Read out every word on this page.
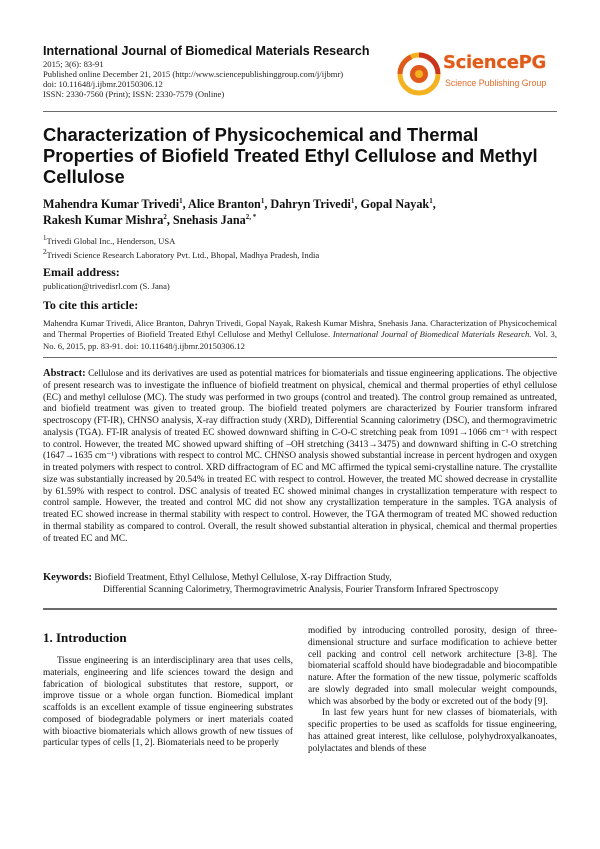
International Journal of Biomedical Materials Research
2015; 3(6): 83-91
Published online December 21, 2015 (http://www.sciencepublishinggroup.com/j/ijbmr)
doi: 10.11648/j.ijbmr.20150306.12
ISSN: 2330-7560 (Print); ISSN: 2330-7579 (Online)
SciencePG
Science Publishing Group
Characterization of Physicochemical and Thermal Properties of Biofield Treated Ethyl Cellulose and Methyl Cellulose
Mahendra Kumar Trivedi$^1$, Alice Branton$^1$, Dahryn Trivedi$^1$, Gopal Nayak$^1$,
Rakesh Kumar Mishra$^2$, Snehasis Jana$^{2, *}$
$^1$Trivedi Global Inc., Henderson, USA
$^2$Trivedi Science Research Laboratory Pvt. Ltd., Bhopal, Madhya Pradesh, India
Email address:
publication@trivedisrl.com (S. Jana)
To cite this article:
Mahendra Kumar Trivedi, Alice Branton, Dahryn Trivedi, Gopal Nayak, Rakesh Kumar Mishra, Snehasis Jana. Characterization of Physicochemical and Thermal Properties of Biofield Treated Ethyl Cellulose and Methyl Cellulose. International Journal of Biomedical Materials Research. Vol. 3, No. 6, 2015, pp. 83-91. doi: 10.11648/j.ijbmr.20150306.12
Abstract: Cellulose and its derivatives are used as potential matrices for biomaterials and tissue engineering applications. The objective of present research was to investigate the influence of biofield treatment on physical, chemical and thermal properties of ethyl cellulose (EC) and methyl cellulose (MC). The study was performed in two groups (control and treated). The control group remained as untreated, and biofield treatment was given to treated group. The biofield treated polymers are characterized by Fourier transform infrared spectroscopy (FT-IR), CHNSO analysis, X-ray diffraction study (XRD), Differential Scanning calorimetry (DSC), and thermogravimetric analysis (TGA). FT-IR analysis of treated EC showed downward shifting in C-O-C stretching peak from 1091→1066 cm⁻¹ with respect to control. However, the treated MC showed upward shifting of –OH stretching (3413→3475) and downward shifting in C-O stretching (1647→1635 cm⁻¹) vibrations with respect to control MC. CHNSO analysis showed substantial increase in percent hydrogen and oxygen in treated polymers with respect to control. XRD diffractogram of EC and MC affirmed the typical semi-crystalline nature. The crystallite size was substantially increased by 20.54% in treated EC with respect to control. However, the treated MC showed decrease in crystallite by 61.59% with respect to control. DSC analysis of treated EC showed minimal changes in crystallization temperature with respect to control sample. However, the treated and control MC did not show any crystallization temperature in the samples. TGA analysis of treated EC showed increase in thermal stability with respect to control. However, the TGA thermogram of treated MC showed reduction in thermal stability as compared to control. Overall, the result showed substantial alteration in physical, chemical and thermal properties of treated EC and MC.
Keywords: Biofield Treatment, Ethyl Cellulose, Methyl Cellulose, X-ray Diffraction Study,
Differential Scanning Calorimetry, Thermogravimetric Analysis, Fourier Transform Infrared Spectroscopy
1. Introduction

Tissue engineering is an interdisciplinary area that uses cells, materials, engineering and life sciences toward the design and fabrication of biological substitutes that restore, support, or improve tissue or a whole organ function. Biomedical implant scaffolds is an excellent example of tissue engineering substrates composed of biodegradable polymers or inert materials coated with bioactive biomaterials which allows growth of new tissues of particular types of cells [1, 2]. Biomaterials need to be properly

modified by introducing controlled porosity, design of three-dimensional structure and surface modification to achieve better cell packing and control cell network architecture [3-8]. The biomaterial scaffold should have biodegradable and biocompatible nature. After the formation of the new tissue, polymeric scaffolds are slowly degraded into small molecular weight compounds, which was absorbed by the body or excreted out of the body [9].

In last few years hunt for new classes of biomaterials, with specific properties to be used as scaffolds for tissue engineering, has attained great interest, like cellulose, polyhydroxyalkanoates, polylactates and blends of these
